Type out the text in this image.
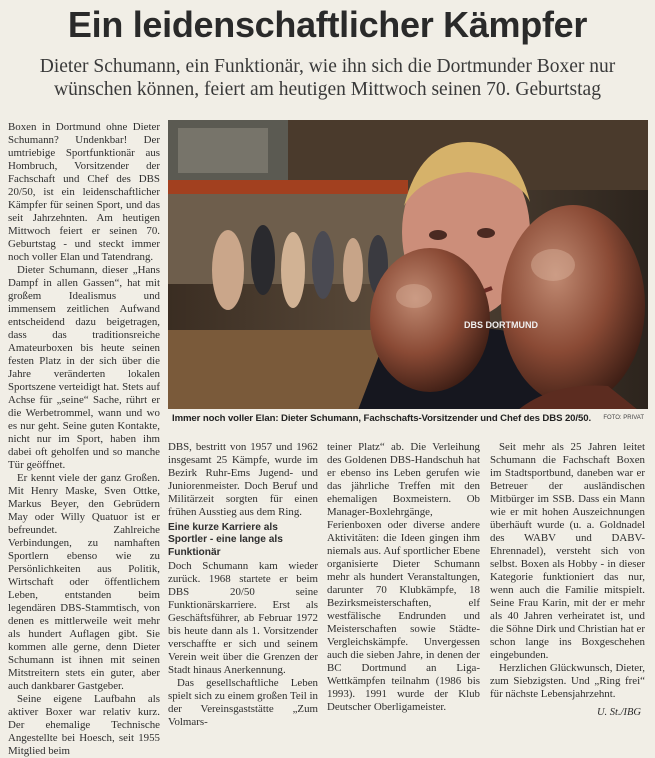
Ein leidenschaftlicher Kämpfer
Dieter Schumann, ein Funktionär, wie ihn sich die Dortmunder Boxer nur wünschen können, feiert am heutigen Mittwoch seinen 70. Geburtstag

Boxen in Dortmund ohne Dieter Schumann? Undenkbar! Der umtriebige Sportfunktionär aus Hombruch, Vorsitzender der Fachschaft und Chef des DBS 20/50, ist ein leidenschaftlicher Kämpfer für seinen Sport, und das seit Jahrzehnten. Am heutigen Mittwoch feiert er seinen 70. Geburtstag - und steckt immer noch voller Elan und Tatendrang.

Dieter Schumann, dieser „Hans Dampf in allen Gassen“, hat mit großem Idealismus und immensem zeitlichen Aufwand entscheidend dazu beigetragen, dass das traditionsreiche Amateurboxen bis heute seinen festen Platz in der sich über die Jahre veränderten lokalen Sportszene verteidigt hat. Stets auf Achse für „seine“ Sache, rührt er die Werbetrommel, wann und wo es nur geht. Seine guten Kontakte, nicht nur im Sport, haben ihm dabei oft geholfen und so manche Tür geöffnet.

Er kennt viele der ganz Großen. Mit Henry Maske, Sven Ottke, Markus Beyer, den Gebrüdern May oder Willy Quatuor ist er befreundet. Zahlreiche Verbindungen, zu namhaften Sportlern ebenso wie zu Persönlichkeiten aus Politik, Wirtschaft oder öffentlichem Leben, entstanden beim legendären DBS-Stammtisch, von denen es mittlerweile weit mehr als hundert Auflagen gibt. Sie kommen alle gerne, denn Dieter Schumann ist ihnen mit seinen Mitstreitern stets ein guter, aber auch dankbarer Gastgeber.

Seine eigene Laufbahn als aktiver Boxer war relativ kurz. Der ehemalige Technische Angestellte bei Hoesch, seit 1955 Mitglied beim

DBS DORTMUND
Immer noch voller Elan: Dieter Schumann, Fachschafts-Vorsitzender und Chef des DBS 20/50. FOTO: PRIVAT

DBS, bestritt von 1957 und 1962 insgesamt 25 Kämpfe, wurde im Bezirk Ruhr-Ems Jugend- und Juniorenmeister. Doch Beruf und Militärzeit sorgten für einen frühen Ausstieg aus dem Ring.

Eine kurze Karriere als Sportler - eine lange als Funktionär

Doch Schumann kam wieder zurück. 1968 startete er beim DBS 20/50 seine Funktionärskarriere. Erst als Geschäftsführer, ab Februar 1972 bis heute dann als 1. Vorsitzender verschaffte er sich und seinem Verein weit über die Grenzen der Stadt hinaus Anerkennung.

Das gesellschaftliche Leben spielt sich zu einem großen Teil in der Vereinsgaststätte „Zum Volmars-

teiner Platz“ ab. Die Verleihung des Goldenen DBS-Handschuh hat er ebenso ins Leben gerufen wie das jährliche Treffen mit den ehemaligen Boxmeistern. Ob Manager-Boxlehrgänge, Ferienboxen oder diverse andere Aktivitäten: die Ideen gingen ihm niemals aus. Auf sportlicher Ebene organisierte Dieter Schumann mehr als hundert Veranstaltungen, darunter 70 Klubkämpfe, 18 Bezirksmeisterschaften, elf westfälische Endrunden und Meisterschaften sowie Städte-Vergleichskämpfe. Unvergessen auch die sieben Jahre, in denen der BC Dortmund an Liga-Wettkämpfen teilnahm (1986 bis 1993). 1991 wurde der Klub Deutscher Oberligameister.

Seit mehr als 25 Jahren leitet Schumann die Fachschaft Boxen im Stadtsportbund, daneben war er Betreuer der ausländischen Mitbürger im SSB. Dass ein Mann wie er mit hohen Auszeichnungen überhäuft wurde (u. a. Goldnadel des WABV und DABV-Ehrennadel), versteht sich von selbst. Boxen als Hobby - in dieser Kategorie funktioniert das nur, wenn auch die Familie mitspielt. Seine Frau Karin, mit der er mehr als 40 Jahren verheiratet ist, und die Söhne Dirk und Christian hat er schon lange ins Boxgeschehen eingebunden.

Herzlichen Glückwunsch, Dieter, zum Siebzigsten. Und „Ring frei“ für nächste Lebensjahrzehnt.

U. St./IBG
